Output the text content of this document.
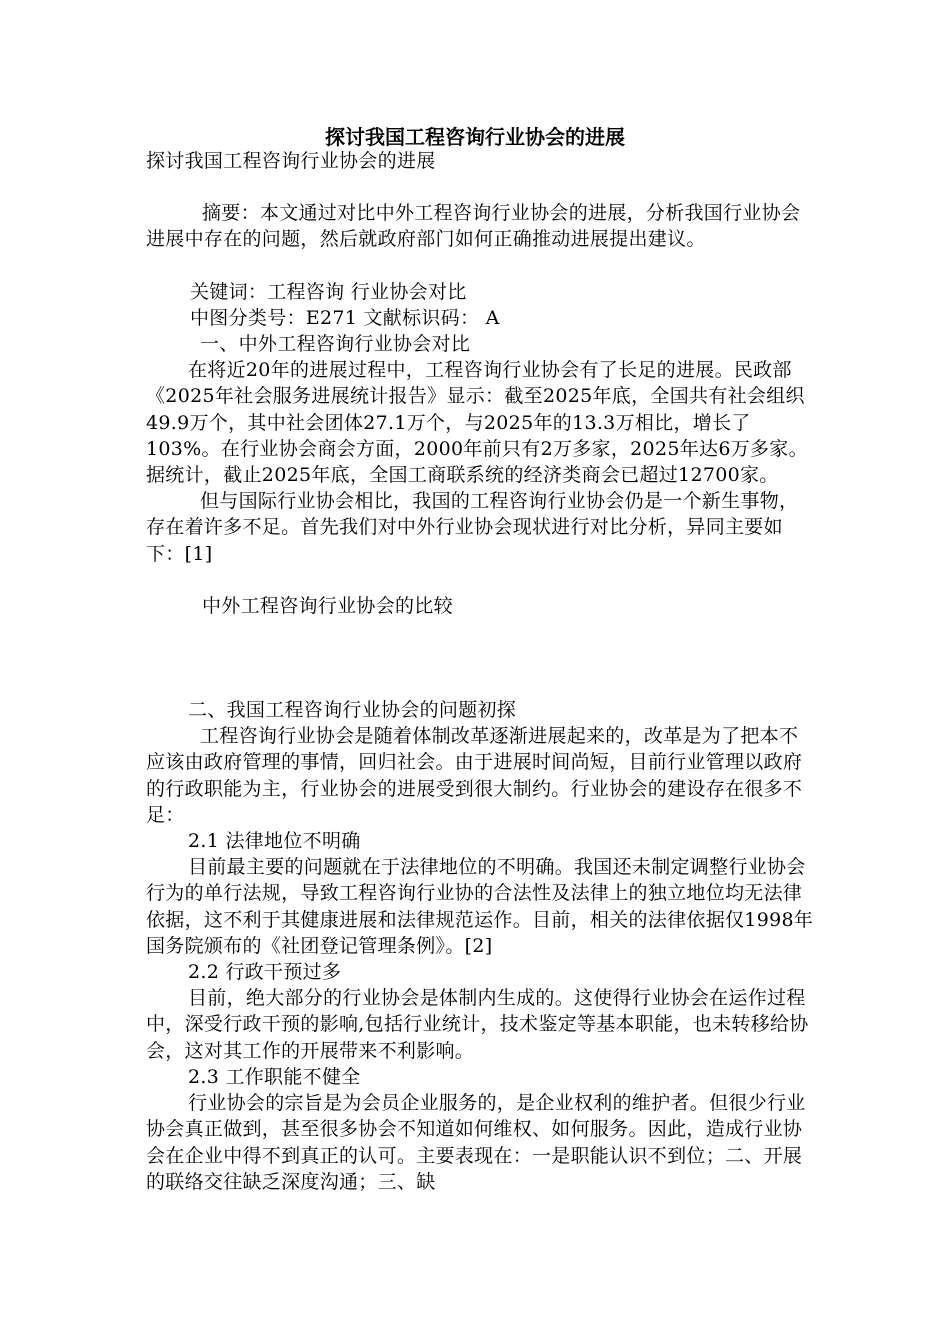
探讨我国工程咨询行业协会的进展

探讨我国工程咨询行业协会的进展

摘要：本文通过对比中外工程咨询行业协会的进展，分析我国行业协会进展中存在的问题，然后就政府部门如何正确推动进展提出建议。

关键词：工程咨询 行业协会对比

中图分类号：E271 文献标识码： A

一、中外工程咨询行业协会对比

在将近20年的进展过程中，工程咨询行业协会有了长足的进展。民政部《2025年社会服务进展统计报告》显示：截至2025年底，全国共有社会组织49.9万个，其中社会团体27.1万个，与2025年的13.3万相比，增长了103%。在行业协会商会方面，2000年前只有2万多家，2025年达6万多家。据统计，截止2025年底，全国工商联系统的经济类商会已超过12700家。

但与国际行业协会相比，我国的工程咨询行业协会仍是一个新生事物，存在着许多不足。首先我们对中外行业协会现状进行对比分析，异同主要如下：[1]

中外工程咨询行业协会的比较

二、我国工程咨询行业协会的问题初探

工程咨询行业协会是随着体制改革逐渐进展起来的，改革是为了把本不应该由政府管理的事情，回归社会。由于进展时间尚短，目前行业管理以政府的行政职能为主，行业协会的进展受到很大制约。行业协会的建设存在很多不足：

2.1 法律地位不明确

目前最主要的问题就在于法律地位的不明确。我国还未制定调整行业协会行为的单行法规，导致工程咨询行业协的合法性及法律上的独立地位均无法律依据，这不利于其健康进展和法律规范运作。目前，相关的法律依据仅1998年国务院颁布的《社团登记管理条例》。[2]

2.2 行政干预过多

目前，绝大部分的行业协会是体制内生成的。这使得行业协会在运作过程中，深受行政干预的影响,包括行业统计，技术鉴定等基本职能，也未转移给协会，这对其工作的开展带来不利影响。

2.3 工作职能不健全

行业协会的宗旨是为会员企业服务的，是企业权利的维护者。但很少行业协会真正做到，甚至很多协会不知道如何维权、如何服务。因此，造成行业协会在企业中得不到真正的认可。主要表现在：一是职能认识不到位；二、开展的联络交往缺乏深度沟通；三、缺
